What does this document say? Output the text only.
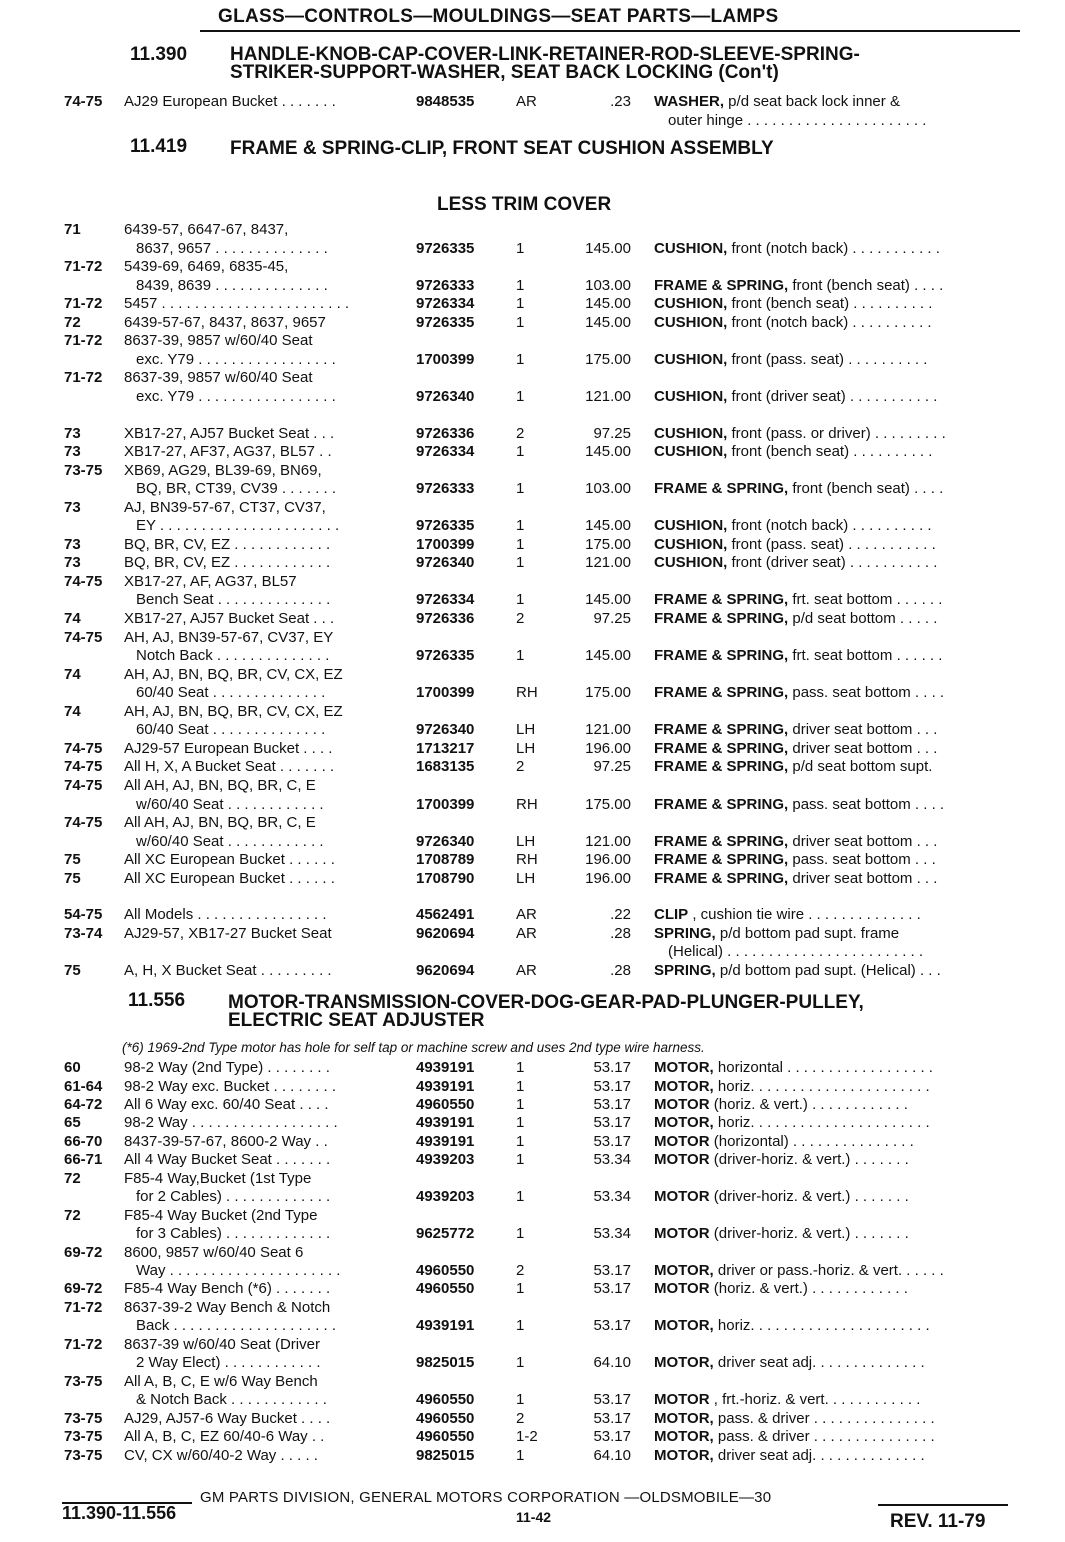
GLASS—CONTROLS—MOULDINGS—SEAT PARTS—LAMPS
11.390 HANDLE-KNOB-CAP-COVER-LINK-RETAINER-ROD-SLEEVE-SPRING-
STRIKER-SUPPORT-WASHER, SEAT BACK LOCKING (Con't)
74-75 AJ29 European Bucket . . . . . . .	9848535	AR	.23 WASHER, p/d seat back lock inner &
outer hinge . . . . . . . . . . . . . . . . . . . . . .
11.419 FRAME & SPRING-CLIP, FRONT SEAT CUSHION ASSEMBLY
LESS TRIM COVER
71	6439-57, 6647-67, 8437,
8637, 9657 . . . . . . . . . . . . . .	9726335	1	145.00 CUSHION, front (notch back) . . . . . . . . . . .
71-72 5439-69, 6469, 6835-45,
8439, 8639 . . . . . . . . . . . . . .	9726333	1	103.00 FRAME & SPRING, front (bench seat) . . . .
71-72 5457 . . . . . . . . . . . . . . . . . . . . . . .	9726334	1	145.00 CUSHION, front (bench seat) . . . . . . . . . .
72	6439-57-67, 8437, 8637, 9657	9726335	1	145.00 CUSHION, front (notch back) . . . . . . . . . .
71-72 8637-39, 9857 w/60/40 Seat
exc. Y79 . . . . . . . . . . . . . . . . .	1700399	1	175.00 CUSHION, front (pass. seat) . . . . . . . . . .
71-72 8637-39, 9857 w/60/40 Seat
exc. Y79 . . . . . . . . . . . . . . . . .	9726340	1	121.00 CUSHION, front (driver seat) . . . . . . . . . . .
73	XB17-27, AJ57 Bucket Seat . . .	9726336	2	97.25 CUSHION, front (pass. or driver) . . . . . . . . .
73	XB17-27, AF37, AG37, BL57 . .	9726334	1	145.00 CUSHION, front (bench seat) . . . . . . . . . .
73-75 XB69, AG29, BL39-69, BN69,
BQ, BR, CT39, CV39 . . . . . . .	9726333	1	103.00 FRAME & SPRING, front (bench seat) . . . .
73	AJ, BN39-57-67, CT37, CV37,
EY . . . . . . . . . . . . . . . . . . . . . .	9726335	1	145.00 CUSHION, front (notch back) . . . . . . . . . .
73	BQ, BR, CV, EZ . . . . . . . . . . . .	1700399	1	175.00 CUSHION, front (pass. seat) . . . . . . . . . . .
73	BQ, BR, CV, EZ . . . . . . . . . . . .	9726340	1	121.00 CUSHION, front (driver seat) . . . . . . . . . . .
74-75 XB17-27, AF, AG37, BL57
Bench Seat . . . . . . . . . . . . . .	9726334	1	145.00 FRAME & SPRING, frt. seat bottom . . . . . .
74	XB17-27, AJ57 Bucket Seat . . .	9726336	2	97.25 FRAME & SPRING, p/d seat bottom . . . . .
74-75 AH, AJ, BN39-57-67, CV37, EY
Notch Back . . . . . . . . . . . . . .	9726335	1	145.00 FRAME & SPRING, frt. seat bottom . . . . . .
74	AH, AJ, BN, BQ, BR, CV, CX, EZ
60/40 Seat . . . . . . . . . . . . . .	1700399	RH	175.00 FRAME & SPRING, pass. seat bottom . . . .
74	AH, AJ, BN, BQ, BR, CV, CX, EZ
60/40 Seat . . . . . . . . . . . . . .	9726340	LH	121.00 FRAME & SPRING, driver seat bottom . . .
74-75 AJ29-57 European Bucket . . . .	1713217	LH	196.00 FRAME & SPRING, driver seat bottom . . .
74-75 All H, X, A Bucket Seat . . . . . . .	1683135	2	97.25 FRAME & SPRING, p/d seat bottom supt.
74-75 All AH, AJ, BN, BQ, BR, C, E
w/60/40 Seat . . . . . . . . . . . .	1700399	RH	175.00 FRAME & SPRING, pass. seat bottom . . . .
74-75 All AH, AJ, BN, BQ, BR, C, E
w/60/40 Seat . . . . . . . . . . . .	9726340	LH	121.00 FRAME & SPRING, driver seat bottom . . .
75	All XC European Bucket . . . . . .	1708789	RH	196.00 FRAME & SPRING, pass. seat bottom . . .
75	All XC European Bucket . . . . . .	1708790	LH	196.00 FRAME & SPRING, driver seat bottom . . .
54-75 All Models . . . . . . . . . . . . . . . .	4562491	AR	.22 CLIP , cushion tie wire . . . . . . . . . . . . . .
73-74 AJ29-57, XB17-27 Bucket Seat	9620694	AR	.28 SPRING, p/d bottom pad supt. frame
(Helical) . . . . . . . . . . . . . . . . . . . . . . . .
75	A, H, X Bucket Seat . . . . . . . . .	9620694	AR	.28 SPRING, p/d bottom pad supt. (Helical) . . .
11.556 MOTOR-TRANSMISSION-COVER-DOG-GEAR-PAD-PLUNGER-PULLEY,
ELECTRIC SEAT ADJUSTER
(*6) 1969-2nd Type motor has hole for self tap or machine screw and uses 2nd type wire harness.
60	98-2 Way (2nd Type) . . . . . . . .	4939191	1	53.17 MOTOR, horizontal . . . . . . . . . . . . . . . . . .
61-64 98-2 Way exc. Bucket . . . . . . . .	4939191	1	53.17 MOTOR, horiz. . . . . . . . . . . . . . . . . . . . . .
64-72 All 6 Way exc. 60/40 Seat . . . .	4960550	1	53.17 MOTOR (horiz. & vert.) . . . . . . . . . . . .
65	98-2 Way . . . . . . . . . . . . . . . . . .	4939191	1	53.17 MOTOR, horiz. . . . . . . . . . . . . . . . . . . . . .
66-70 8437-39-57-67, 8600-2 Way . .	4939191	1	53.17 MOTOR (horizontal) . . . . . . . . . . . . . . .
66-71 All 4 Way Bucket Seat . . . . . . .	4939203	1	53.34 MOTOR (driver-horiz. & vert.) . . . . . . .
72	F85-4 Way,Bucket (1st Type
for 2 Cables) . . . . . . . . . . . . .	4939203	1	53.34 MOTOR (driver-horiz. & vert.) . . . . . . .
72	F85-4 Way Bucket (2nd Type
for 3 Cables) . . . . . . . . . . . . .	9625772	1	53.34 MOTOR (driver-horiz. & vert.) . . . . . . .
69-72 8600, 9857 w/60/40 Seat 6
Way . . . . . . . . . . . . . . . . . . . . .	4960550	2	53.17 MOTOR, driver or pass.-horiz. & vert. . . . . .
69-72 F85-4 Way Bench (*6) . . . . . . .	4960550	1	53.17 MOTOR (horiz. & vert.) . . . . . . . . . . . .
71-72 8637-39-2 Way Bench & Notch
Back . . . . . . . . . . . . . . . . . . . .	4939191	1	53.17 MOTOR, horiz. . . . . . . . . . . . . . . . . . . . . .
71-72 8637-39 w/60/40 Seat (Driver
2 Way Elect) . . . . . . . . . . . .	9825015	1	64.10 MOTOR, driver seat adj. . . . . . . . . . . . . .
73-75 All A, B, C, E w/6 Way Bench
& Notch Back . . . . . . . . . . . .	4960550	1	53.17 MOTOR , frt.-horiz. & vert. . . . . . . . . . . .
73-75 AJ29, AJ57-6 Way Bucket . . . .	4960550	2	53.17 MOTOR, pass. & driver . . . . . . . . . . . . . . .
73-75 All A, B, C, EZ 60/40-6 Way . .	4960550	1-2	53.17 MOTOR, pass. & driver . . . . . . . . . . . . . . .
73-75 CV, CX w/60/40-2 Way . . . . .	9825015	1	64.10 MOTOR, driver seat adj. . . . . . . . . . . . . .
GM PARTS DIVISION, GENERAL MOTORS CORPORATION —OLDSMOBILE—30
11.390-11.556	11-42	REV. 11-79
